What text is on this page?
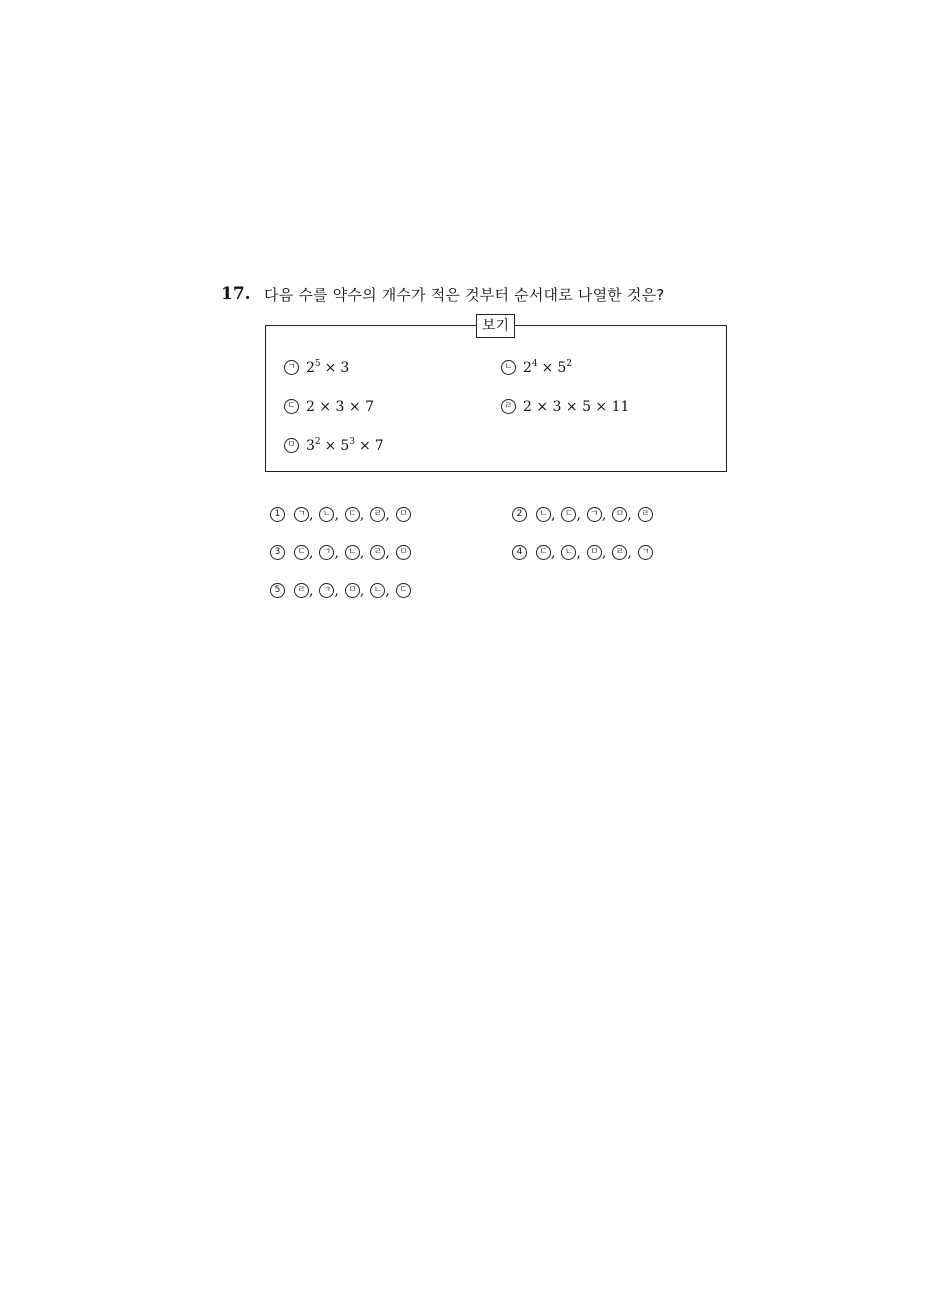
17. 다음 수를 약수의 개수가 적은 것부터 순서대로 나열한 것은?
보기
ㄱ $2^5 \times 3$	ㄴ $2^4 \times 5^2$
ㄷ 2 × 3 × 7	ㄹ 2 × 3 × 5 × 11
ㅁ $3^2 \times 5^3 \times 7$
1 ㄱ , ㄴ , ㄷ , ㄹ , ㅁ	2 ㄴ , ㄷ , ㄱ , ㅁ , ㄹ
3 ㄷ , ㄱ , ㄴ , ㄹ , ㅁ	4 ㄷ , ㄴ , ㅁ , ㄹ , ㄱ
5 ㄹ , ㄱ , ㅁ , ㄴ , ㄷ
